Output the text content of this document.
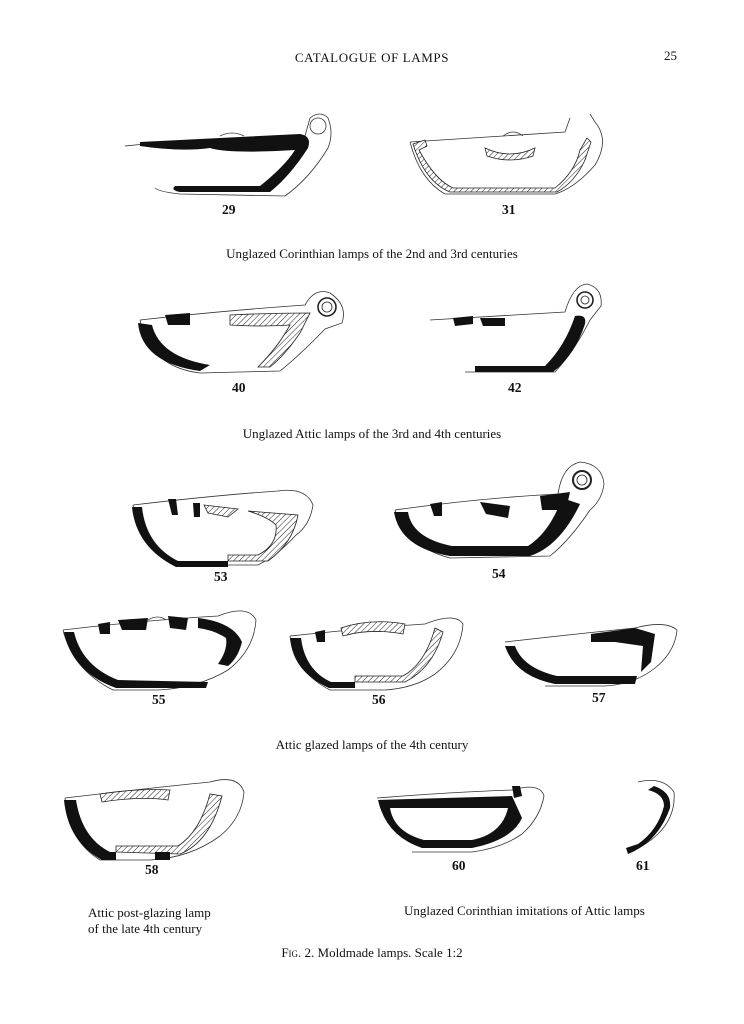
CATALOGUE OF LAMPS	25
29	31
Unglazed Corinthian lamps of the 2nd and 3rd centuries
40	42
Unglazed Attic lamps of the 3rd and 4th centuries
53	54
55	56	57
Attic glazed lamps of the 4th century
58	60	61
Attic post-glazing lamp
of the late 4th century
Unglazed Corinthian imitations of Attic lamps
Fig. 2. Moldmade lamps. Scale 1:2
